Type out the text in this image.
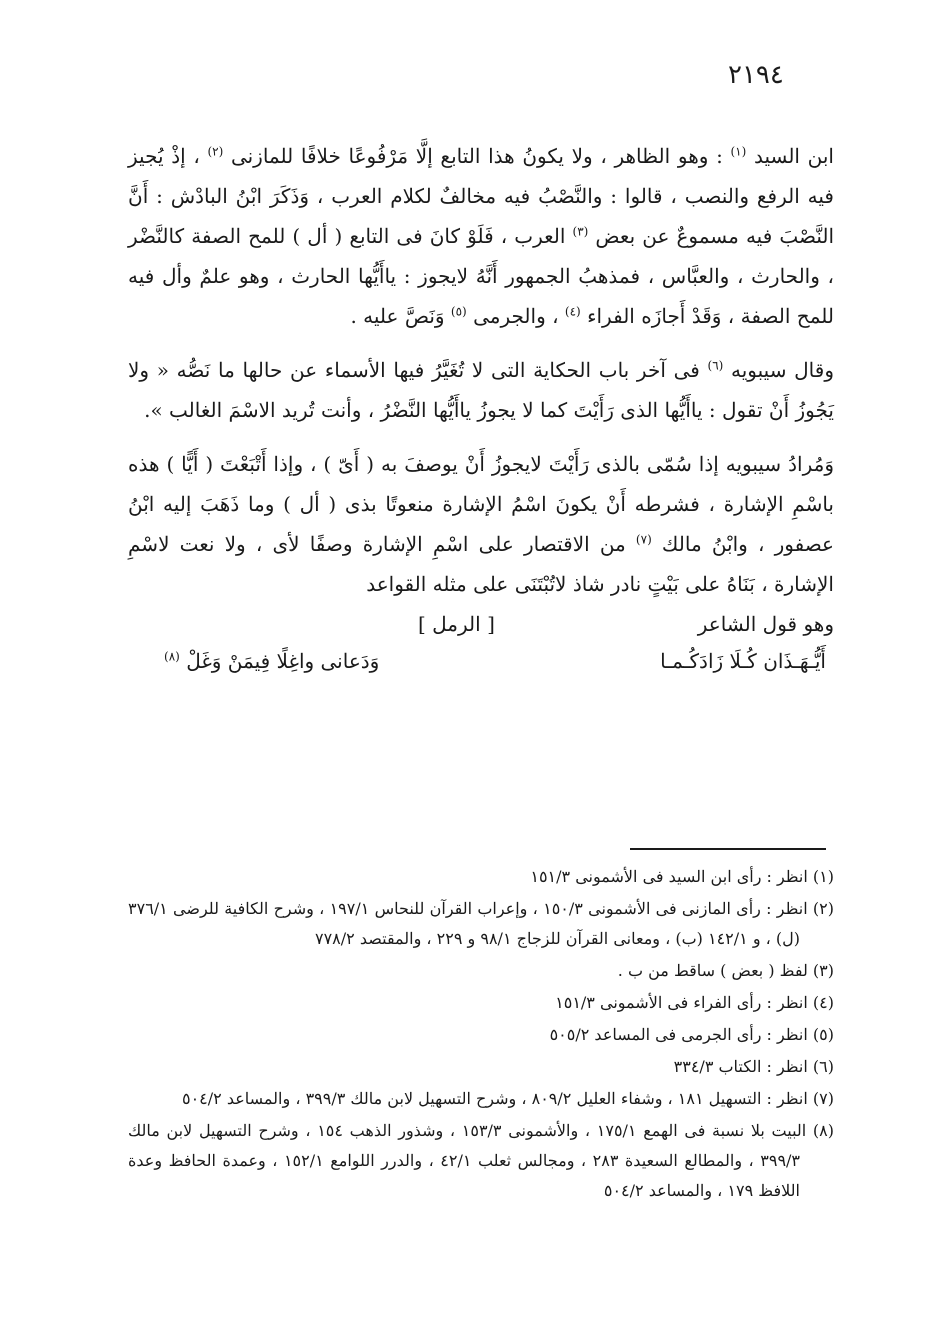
٢١٩٤

ابن السيد $^{(١)}$ : وهو الظاهر ، ولا يكونُ هذا التابع إلَّا مَرْفُوعًا خلافًا للمازنى $^{(٢)}$ ، إذْ يُجيز فيه الرفع والنصب ، قالوا : والنَّصْبُ فيه مخالفٌ لكلام العرب ، وَذَكَرَ ابْنُ البادْش : أَنَّ النَّصْبَ فيه مسموعٌ عن بعض $^{(٣)}$ العرب ، فَلَوْ كانَ فى التابع ( أل ) للمح الصفة كالنَّضْر ، والحارث ، والعبَّاس ، فمذهبُ الجمهور أَنَّهُ لايجوز : ياأَيُّها الحارث ، وهو علمٌ وأل فيه للمح الصفة ، وَقَدْ أَجازَه الفراء $^{(٤)}$ ، والجرمى $^{(٥)}$ وَنَصَّ عليه .

وقال سيبويه $^{(٦)}$ فى آخر باب الحكاية التى لا تُغَيَّرُ فيها الأسماء عن حالها ما نَصُّه « ولا يَجُوزُ أَنْ تقول : ياأَيُّها الذى رَأَيْتَ كما لا يجوزُ ياأَيُّها النَّضْرُ ، وأنت تُريد الاسْمَ الغالب ».

وَمُرادُ سيبويه إذا سُمّى بالذى رَأَيْتَ لايجوزُ أَنْ يوصفَ به ( أَىّ ) ، وإذا أَتْبَعْتَ ( أَيًّا ) هذه باسْمِ الإشارة ، فشرطه أَنْ يكونَ اسْمُ الإشارة منعوتًا بذى ( أل ) وما ذَهَبَ إليه ابْنُ عصفور ، وابْنُ مالك $^{(٧)}$ من الاقتصار على اسْمِ الإشارة وصفًا لأى ، ولا نعت لاسْمِ الإشارة ، بَنَاهُ على بَيْتٍ نادر شاذ لاتُبْتَنَى على مثله القواعد

وهو قول الشاعر
[ الرمل ]
أَيُّـهَـذَان كُـلَا زَادَكُـمـا
وَدَعانى واغِلًا فِيمَنْ وَغَلْ $^{(٨)}$

(١) انظر : رأى ابن السيد فى الأشمونى ١٥١/٣

(٢) انظر : رأى المازنى فى الأشمونى ١٥٠/٣ ، وإعراب القرآن للنحاس ١٩٧/١ ، وشرح الكافية للرضى ٣٧٦/١ (ل) ، و ١٤٢/١ (ب) ، ومعانى القرآن للزجاج ٩٨/١ و ٢٢٩ ، والمقتصد ٧٧٨/٢

(٣) لفظ ( بعض ) ساقط من ب .

(٤) انظر : رأى الفراء فى الأشمونى ١٥١/٣

(٥) انظر : رأى الجرمى فى المساعد ٥٠٥/٢

(٦) انظر : الكتاب ٣٣٤/٣

(٧) انظر : التسهيل ١٨١ ، وشفاء العليل ٨٠٩/٢ ، وشرح التسهيل لابن مالك ٣٩٩/٣ ، والمساعد ٥٠٤/٢

(٨) البيت بلا نسبة فى الهمع ١٧٥/١ ، والأشمونى ١٥٣/٣ ، وشذور الذهب ١٥٤ ، وشرح التسهيل لابن مالك ٣٩٩/٣ ، والمطالع السعيدة ٢٨٣ ، ومجالس ثعلب ٤٢/١ ، والدرر اللوامع ١٥٢/١ ، وعمدة الحافظ وعدة اللافظ ١٧٩ ، والمساعد ٥٠٤/٢
